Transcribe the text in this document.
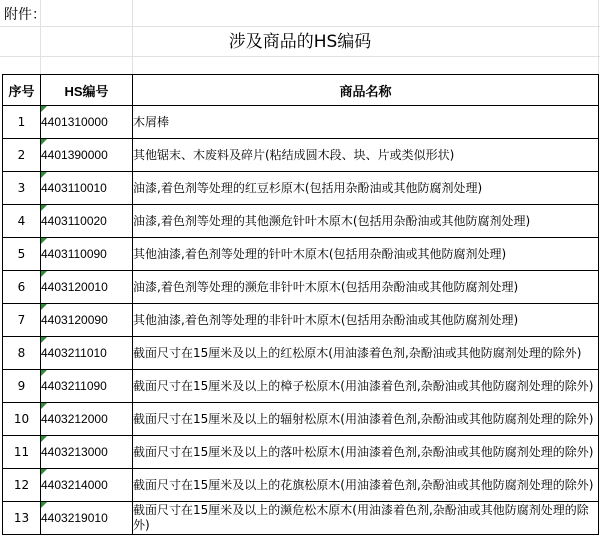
附件：
涉及商品的HS编码
序号	HS编号	商品名称
1	4401310000	木屑棒
2	4401390000	其他锯末、木废料及碎片(粘结成圆木段、块、片或类似形状)
3	4403110010	油漆,着色剂等处理的红豆杉原木(包括用杂酚油或其他防腐剂处理)
4	4403110020	油漆,着色剂等处理的其他濒危针叶木原木(包括用杂酚油或其他防腐剂处理)
5	4403110090	其他油漆,着色剂等处理的针叶木原木(包括用杂酚油或其他防腐剂处理)
6	4403120010	油漆,着色剂等处理的濒危非针叶木原木(包括用杂酚油或其他防腐剂处理)
7	4403120090	其他油漆,着色剂等处理的非针叶木原木(包括用杂酚油或其他防腐剂处理)
8	4403211010	截面尺寸在15厘米及以上的红松原木(用油漆着色剂,杂酚油或其他防腐剂处理的除外)
9	4403211090	截面尺寸在15厘米及以上的樟子松原木(用油漆着色剂,杂酚油或其他防腐剂处理的除外)
10	4403212000	截面尺寸在15厘米及以上的辐射松原木(用油漆着色剂,杂酚油或其他防腐剂处理的除外)
11	4403213000	截面尺寸在15厘米及以上的落叶松原木(用油漆着色剂,杂酚油或其他防腐剂处理的除外)
12	4403214000	截面尺寸在15厘米及以上的花旗松原木(用油漆着色剂,杂酚油或其他防腐剂处理的除外)
13	4403219010	截面尺寸在15厘米及以上的濒危松木原木(用油漆着色剂,杂酚油或其他防腐剂处理的除外)
